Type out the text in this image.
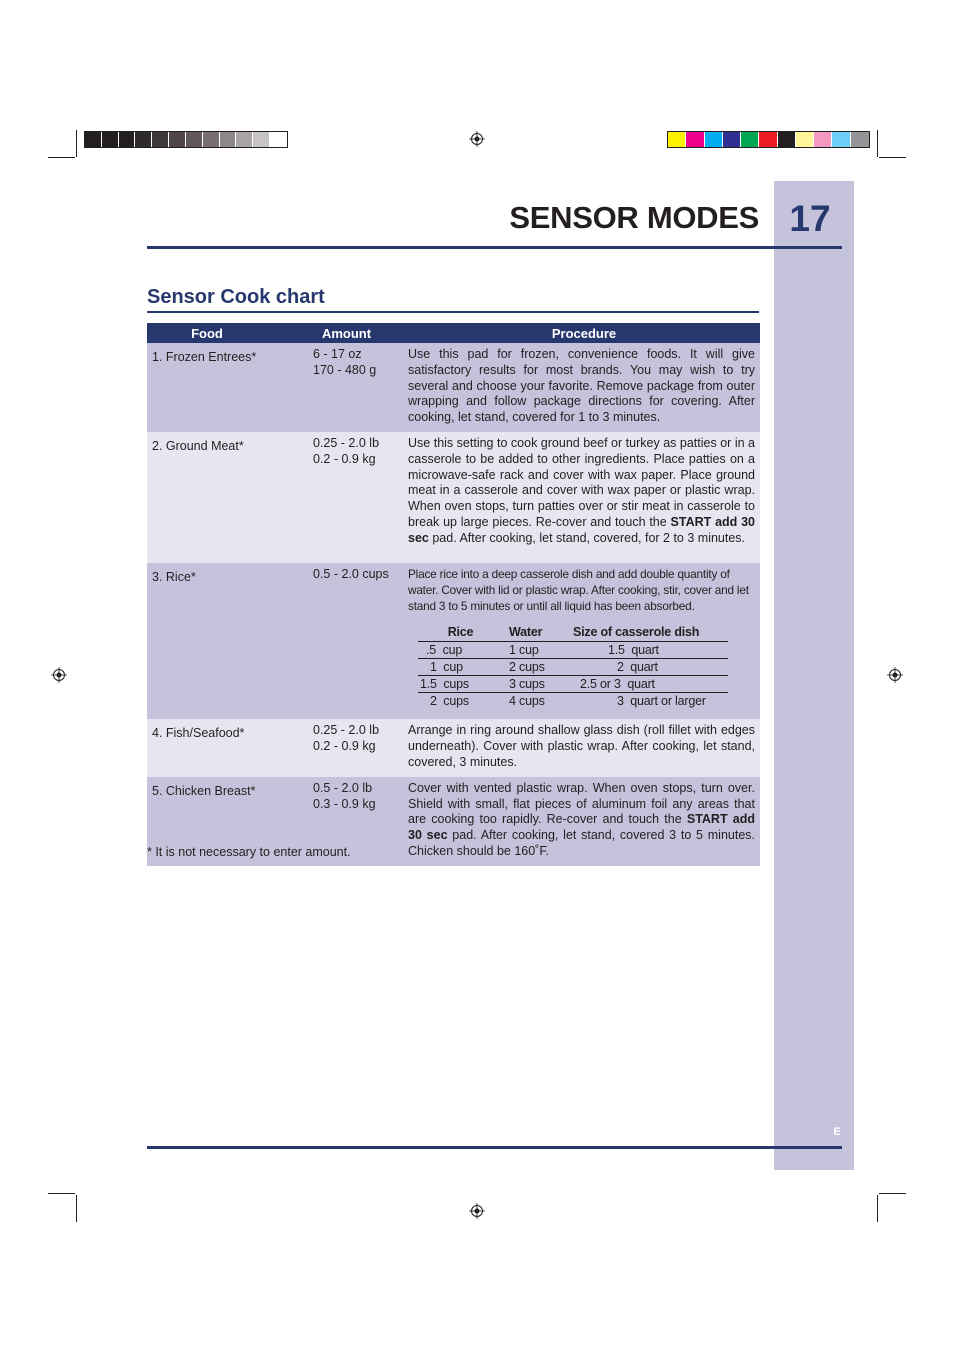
17
E
SENSOR MODES
Sensor Cook chart
Food	Amount	Procedure
1. Frozen Entrees*	6 - 17 oz
170 - 480 g
	Use this pad for frozen, convenience foods. It will give satisfactory results for most brands. You may wish to try several and choose your favorite. Remove package from outer wrapping and follow package directions for covering. After cooking, let stand, covered for 1 to 3 minutes.
2. Ground Meat*	0.25 - 2.0 lb
0.2 - 0.9 kg
	Use this setting to cook ground beef or turkey as patties or in a casserole to be added to other ingredients. Place patties on a microwave-safe rack and cover with wax paper. Place ground meat in a casserole and cover with wax paper or plastic wrap. When oven stops, turn patties over or stir meat in casserole to break up large pieces. Re-cover and touch the START add 30 sec pad. After cooking, let stand, covered, for 2 to 3 minutes.
3. Rice*	0.5 - 2.0 cups	Place rice into a deep casserole dish and add double quantity of water. Cover with lid or plastic wrap. After cooking, stir, cover and let stand 3 to 5 minutes or until all liquid has been absorbed.
Rice	Water	Size of casserole dish
.5  cup	1 cup	1.5  quart
1  cup	2 cups	2  quart
1.5  cups	3 cups	2.5 or 3  quart
2  cups	4 cups	3  quart or larger

4. Fish/Seafood*	0.25 - 2.0 lb
0.2 - 0.9 kg
	Arrange in ring around shallow glass dish (roll fillet with edges underneath). Cover with plastic wrap. After cooking, let stand, covered, 3 minutes.
5. Chicken Breast*	0.5 - 2.0 lb
0.3 - 0.9 kg
	Cover with vented plastic wrap. When oven stops, turn over. Shield with small, flat pieces of aluminum foil any areas that are cooking too rapidly. Re-cover and touch the START add 30 sec pad. After cooking, let stand, covered 3 to 5 minutes. Chicken should be 160˚F.
* It is not necessary to enter amount.
